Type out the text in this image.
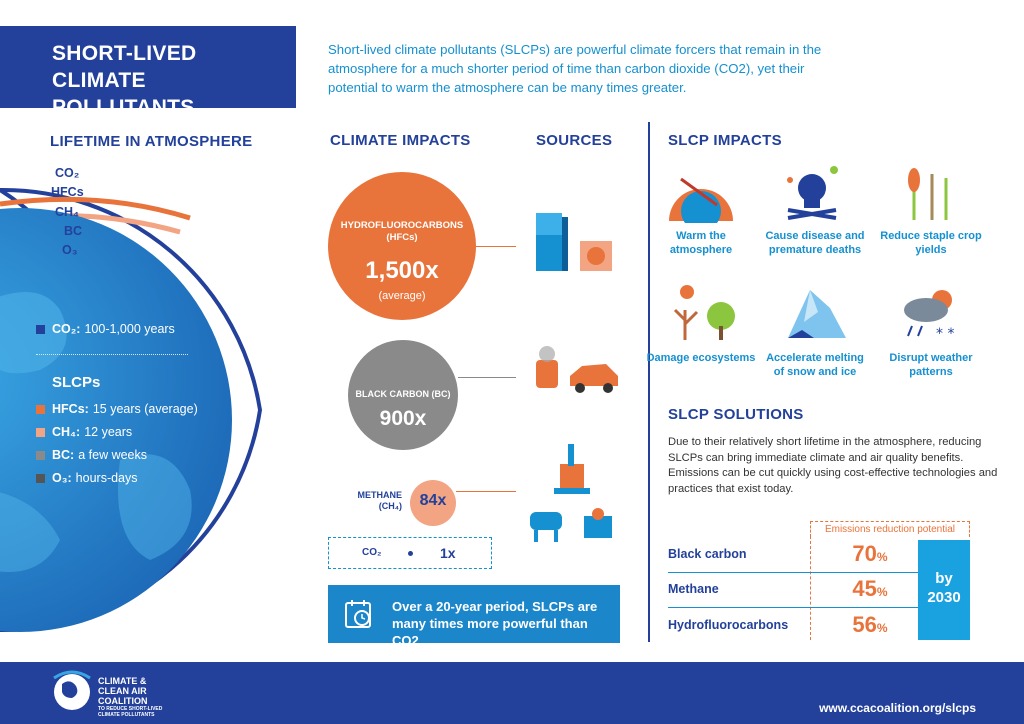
SHORT-LIVED CLIMATE POLLUTANTS
Short-lived climate pollutants (SLCPs) are powerful climate forcers that remain in the atmosphere for a much shorter period of time than carbon dioxide (CO2), yet their potential to warm the atmosphere can be many times greater.
LIFETIME IN ATMOSPHERE
CO₂
HFCs
CH₄
BC
O₃
CO₂: 100-1,000 years
SLCPs
HFCs: 15 years (average)
CH₄: 12 years
BC: a few weeks
O₃: hours-days
CLIMATE IMPACTS	SOURCES
HYDROFLUOROCARBONS (HFCs)
1,500x
(average)
BLACK CARBON (BC)
900x
METHANE (CH₄)	84x
CO₂	1x
Over a 20-year period, SLCPs are many times more powerful than CO2
SLCP IMPACTS
Warm the atmosphere
Cause disease and premature deaths
Reduce staple crop yields
Damage ecosystems Accelerate melting of snow and ice
* *
Disrupt weather patterns
SLCP SOLUTIONS
Due to their relatively short lifetime in the atmosphere, reducing SLCPs can bring immediate climate and air quality benefits. Emissions can be cut quickly using cost-effective technologies and practices that exist today.
Emissions reduction potential
Black carbon	70%
Methane	45%
Hydrofluorocarbons	56%
by
2030
CLIMATE &
CLEAN AIR
COALITION
TO REDUCE SHORT-LIVED CLIMATE POLLUTANTS	www.ccacoalition.org/slcps
